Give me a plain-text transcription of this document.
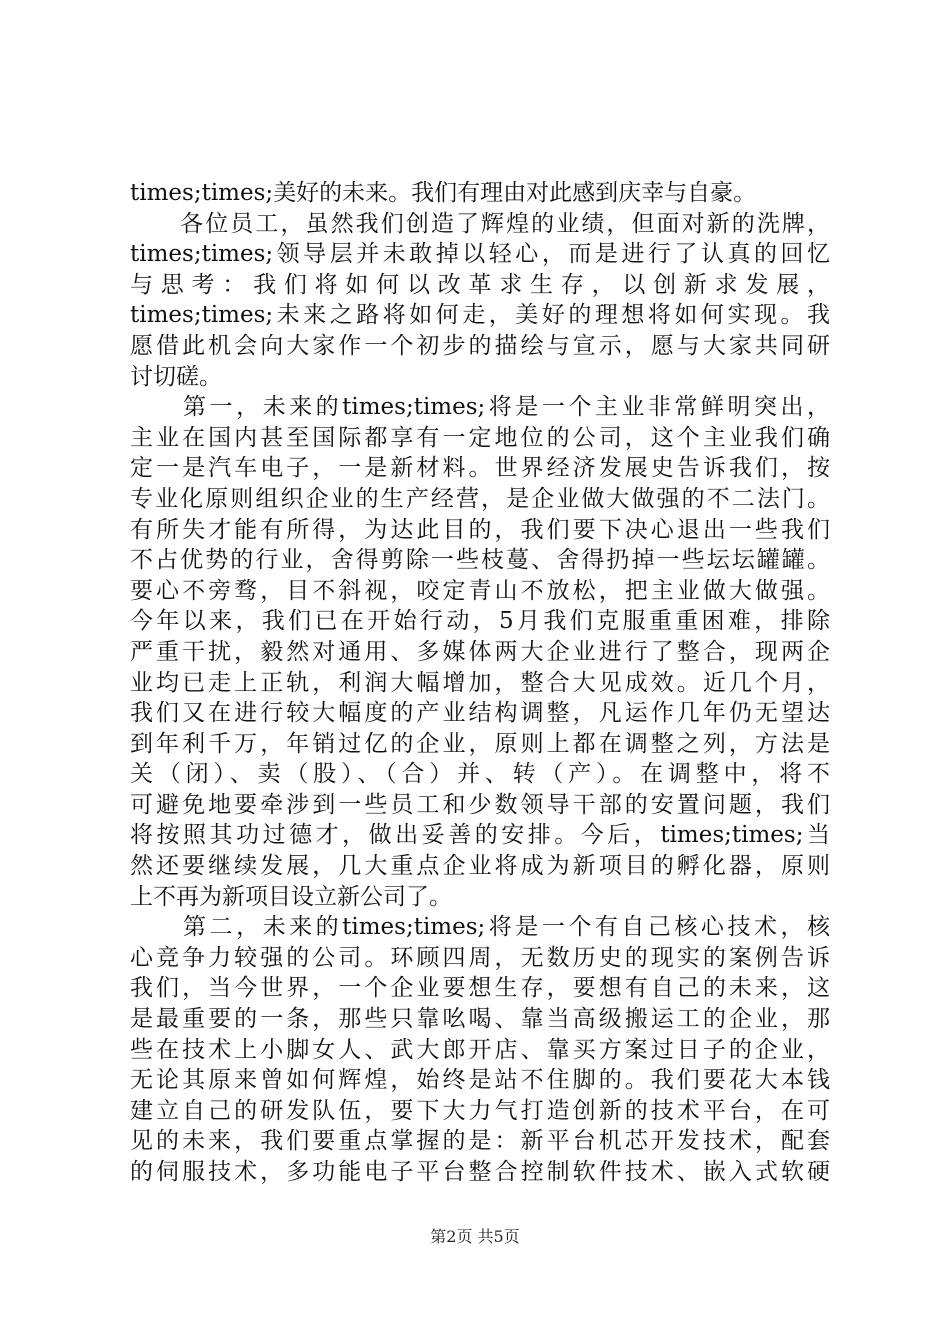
times;times;美好的未来。我们有理由对此感到庆幸与自豪。
　　各位员工，虽然我们创造了辉煌的业绩，但面对新的洗牌，
times;times;领导层并未敢掉以轻心，而是进行了认真的回忆
与思考：我们将如何以改革求生存，以创新求发展，
times;times;未来之路将如何走，美好的理想将如何实现。我
愿借此机会向大家作一个初步的描绘与宣示，愿与大家共同研
讨切磋。
　　第一，未来的times;times;将是一个主业非常鲜明突出，
主业在国内甚至国际都享有一定地位的公司，这个主业我们确
定一是汽车电子，一是新材料。世界经济发展史告诉我们，按
专业化原则组织企业的生产经营，是企业做大做强的不二法门。
有所失才能有所得，为达此目的，我们要下决心退出一些我们
不占优势的行业，舍得剪除一些枝蔓、舍得扔掉一些坛坛罐罐。
要心不旁骛，目不斜视，咬定青山不放松，把主业做大做强。
今年以来，我们已在开始行动，5月我们克服重重困难，排除
严重干扰，毅然对通用、多媒体两大企业进行了整合，现两企
业均已走上正轨，利润大幅增加，整合大见成效。近几个月，
我们又在进行较大幅度的产业结构调整，凡运作几年仍无望达
到年利千万，年销过亿的企业，原则上都在调整之列，方法是
关（闭）、卖（股）、（合）并、转（产）。在调整中，将不
可避免地要牵涉到一些员工和少数领导干部的安置问题，我们
将按照其功过德才，做出妥善的安排。今后，times;times;当
然还要继续发展，几大重点企业将成为新项目的孵化器，原则
上不再为新项目设立新公司了。
　　第二，未来的times;times;将是一个有自己核心技术，核
心竞争力较强的公司。环顾四周，无数历史的现实的案例告诉
我们，当今世界，一个企业要想生存，要想有自己的未来，这
是最重要的一条，那些只靠吆喝、靠当高级搬运工的企业，那
些在技术上小脚女人、武大郎开店、靠买方案过日子的企业，
无论其原来曾如何辉煌，始终是站不住脚的。我们要花大本钱
建立自己的研发队伍，要下大力气打造创新的技术平台，在可
见的未来，我们要重点掌握的是：新平台机芯开发技术，配套
的伺服技术，多功能电子平台整合控制软件技术、嵌入式软硬
第2页 共5页
